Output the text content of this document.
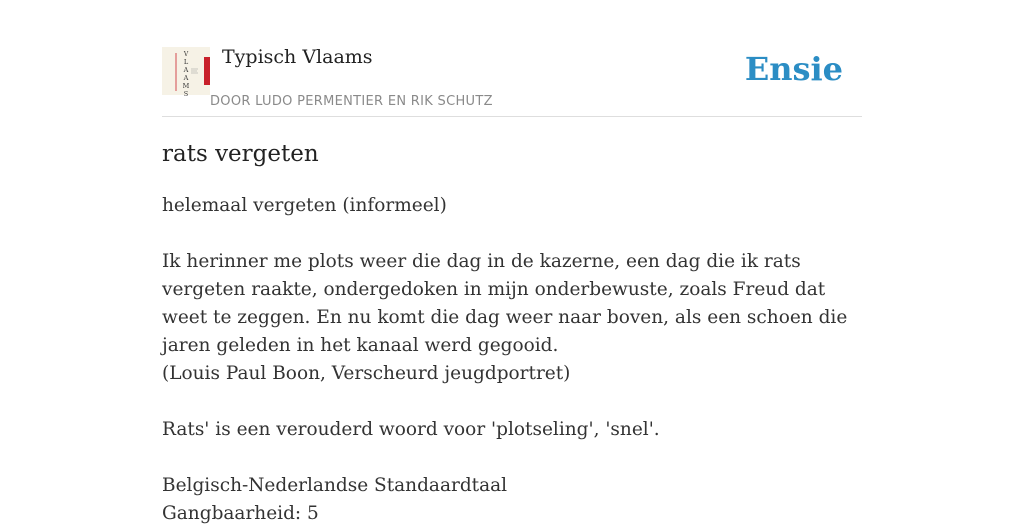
V
L
A
A
M
S
Typisch Vlaams
DOOR LUDO PERMENTIER EN RIK SCHUTZ
Ensie
rats vergeten
helemaal vergeten (informeel)

Ik herinner me plots weer die dag in de kazerne, een dag die ik rats vergeten raakte, ondergedoken in mijn onderbewuste, zoals Freud dat weet te zeggen. En nu komt die dag weer naar boven, als een schoen die jaren geleden in het kanaal werd gegooid.
(Louis Paul Boon, Verscheurd jeugdportret)

Rats' is een verouderd woord voor 'plotseling', 'snel'.

Belgisch-Nederlandse Standaardtaal
Gangbaarheid: 5
